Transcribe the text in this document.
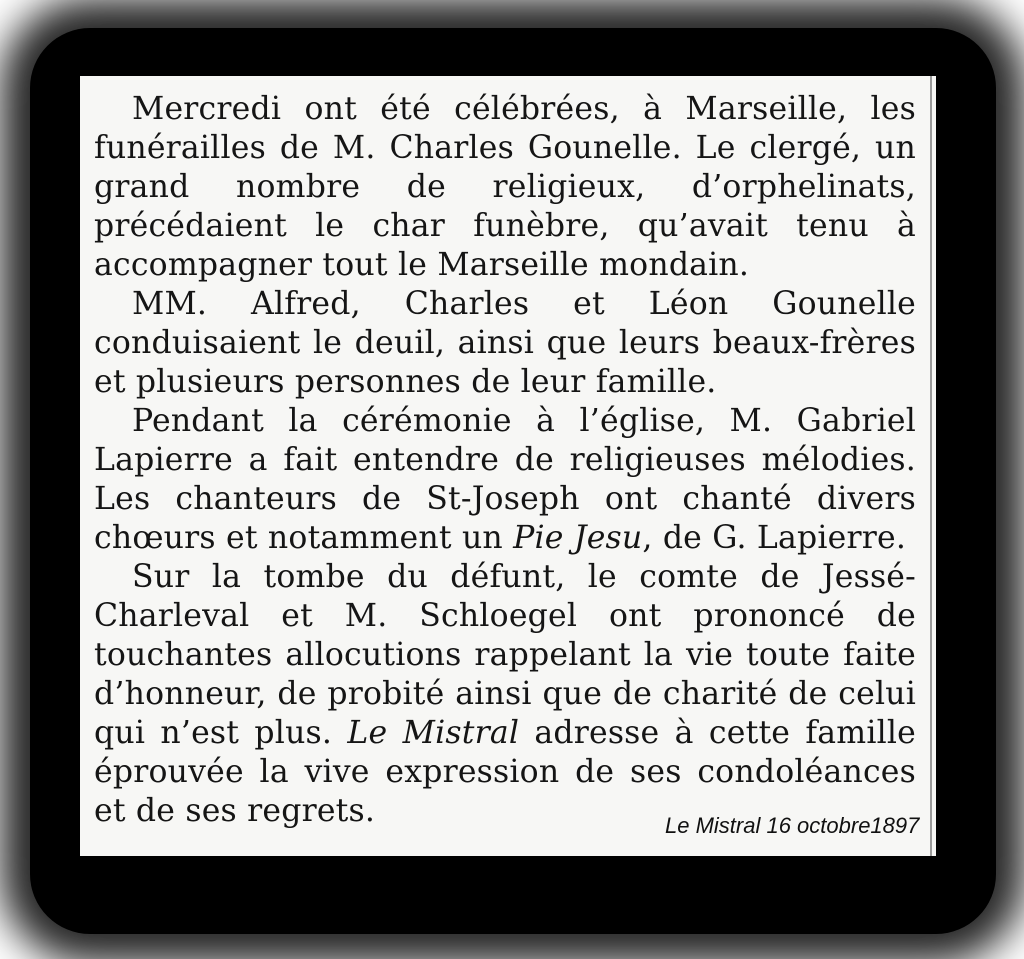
Mercredi ont été célébrées, à Marseille, les funérailles de M. Charles Gounelle. Le clergé, un grand nombre de religieux, d’orphelinats, précédaient le char funèbre, qu’avait tenu à accompagner tout le Marseille mondain.

MM. Alfred, Charles et Léon Gounelle conduisaient le deuil, ainsi que leurs beaux-frères et plusieurs personnes de leur famille.

Pendant la cérémonie à l’église, M. Gabriel Lapierre a fait entendre de religieuses mélodies. Les chanteurs de St-Joseph ont chanté divers chœurs et notamment un Pie Jesu, de G. Lapierre.

Sur la tombe du défunt, le comte de Jessé-Charleval et M. Schloegel ont prononcé de touchantes allocutions rappelant la vie toute faite d’honneur, de probité ainsi que de charité de celui qui n’est plus. Le Mistral adresse à cette famille éprouvée la vive expression de ses condoléances et de ses regrets.	Le Mistral 16 octobre1897
